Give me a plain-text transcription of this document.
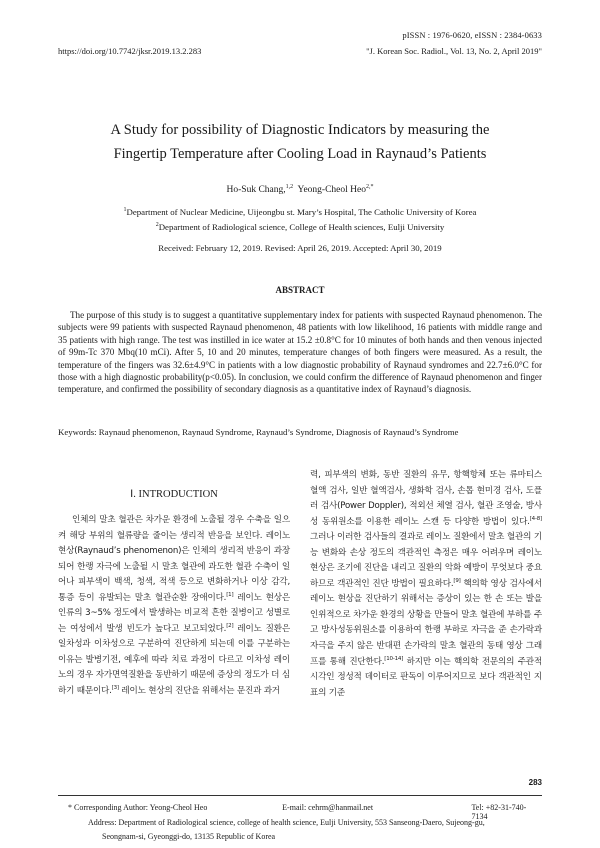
pISSN : 1976-0620, eISSN : 2384-0633
https://doi.org/10.7742/jksr.2019.13.2.283	"J. Korean Soc. Radiol., Vol. 13, No. 2, April 2019"
A Study for possibility of Diagnostic Indicators by measuring the
Fingertip Temperature after Cooling Load in Raynaud’s Patients
Ho-Suk Chang,$^{1,2}$ Yeong-Cheol Heo$^{2,*}$
$^1$Department of Nuclear Medicine, Uijeongbu st. Mary’s Hospital, The Catholic University of Korea
$^2$Department of Radiological science, College of Health sciences, Eulji University
Received: February 12, 2019. Revised: April 26, 2019. Accepted: April 30, 2019
ABSTRACT
The purpose of this study is to suggest a quantitative supplementary index for patients with suspected Raynaud phenomenon. The subjects were 99 patients with suspected Raynaud phenomenon, 48 patients with low likelihood, 16 patients with middle range and 35 patients with high range. The test was instilled in ice water at 15.2 ±0.8°C for 10 minutes of both hands and then venous injected of 99m-Tc 370 Mbq(10 mCi). After 5, 10 and 20 minutes, temperature changes of both fingers were measured. As a result, the temperature of the fingers was 32.6±4.9°C in patients with a low diagnostic probability of Raynaud syndromes and 22.7±6.0°C for those with a high diagnostic probability(p<0.05). In conclusion, we could confirm the difference of Raynaud phenomenon and finger temperature, and confirmed the possibility of secondary diagnosis as a quantitative index of Raynaud’s diagnosis.
Keywords: Raynaud phenomenon, Raynaud Syndrome, Raynaud’s Syndrome, Diagnosis of Raynaud’s Syndrome
Ⅰ. INTRODUCTION
인체의 말초 혈관은 차가운 환경에 노출될 경우 수축을 일으켜 해당 부위의 혈류량을 줄이는 생리적 반응을 보인다. 레이노 현상(Raynaud’s phenomenon)은 인체의 생리적 반응이 과장되어 한랭 자극에 노출될 시 말초 혈관에 과도한 혈관 수축이 일어나 피부색이 백색, 청색, 적색 등으로 변화하거나 이상 감각, 통증 등이 유발되는 말초 혈관순환 장애이다.[1] 레이노 현상은 인류의 3~5% 정도에서 발생하는 비교적 흔한 질병이고 성별로는 여성에서 발생 빈도가 높다고 보고되었다.[2] 레이노 질환은 일차성과 이차성으로 구분하여 진단하게 되는데 이를 구분하는 이유는 발병기전, 예후에 따라 치료 과정이 다르고 이차성 레이노의 경우 자가면역질환을 동반하기 때문에 증상의 정도가 더 심하기 때문이다.[3] 레이노 현상의 진단을 위해서는 문진과 과거
력, 피부색의 변화, 동반 질환의 유무, 항핵항체 또는 류마티스 혈액 검사, 일반 혈액검사, 생화학 검사, 손톱 현미경 검사, 도플러 검사(Power Doppler), 적외선 체열 검사, 혈관 조영술, 방사성 동위원소를 이용한 레이노 스캔 등 다양한 방법이 있다.[4-8] 그러나 이러한 검사들의 결과로 레이노 질환에서 말초 혈관의 기능 변화와 손상 정도의 객관적인 측정은 매우 어려우며 레이노 현상은 조기에 진단을 내리고 질환의 악화 예방이 무엇보다 중요하므로 객관적인 진단 방법이 필요하다.[9] 핵의학 영상 검사에서 레이노 현상을 진단하기 위해서는 증상이 있는 한 손 또는 발을 인위적으로 차가운 환경의 상황을 만들어 말초 혈관에 부하를 주고 방사성동위원소를 이용하여 한랭 부하로 자극을 준 손가락과 자극을 주지 않은 반대편 손가락의 말초 혈관의 동태 영상 그래프를 통해 진단한다.[10-14] 하지만 이는 핵의학 전문의의 주관적 시각인 정성적 데이터로 판독이 이루어지므로 보다 객관적인 지표의 기준
283
* Corresponding Author: Yeong-Cheol Heo	E-mail: cehrm@hanmail.net	Tel: +82-31-740-7134
Address: Department of Radiological science, college of health science, Eulji University, 553 Sanseong-Daero, Sujeong-gu,
Seongnam-si, Gyeonggi-do, 13135 Republic of Korea
